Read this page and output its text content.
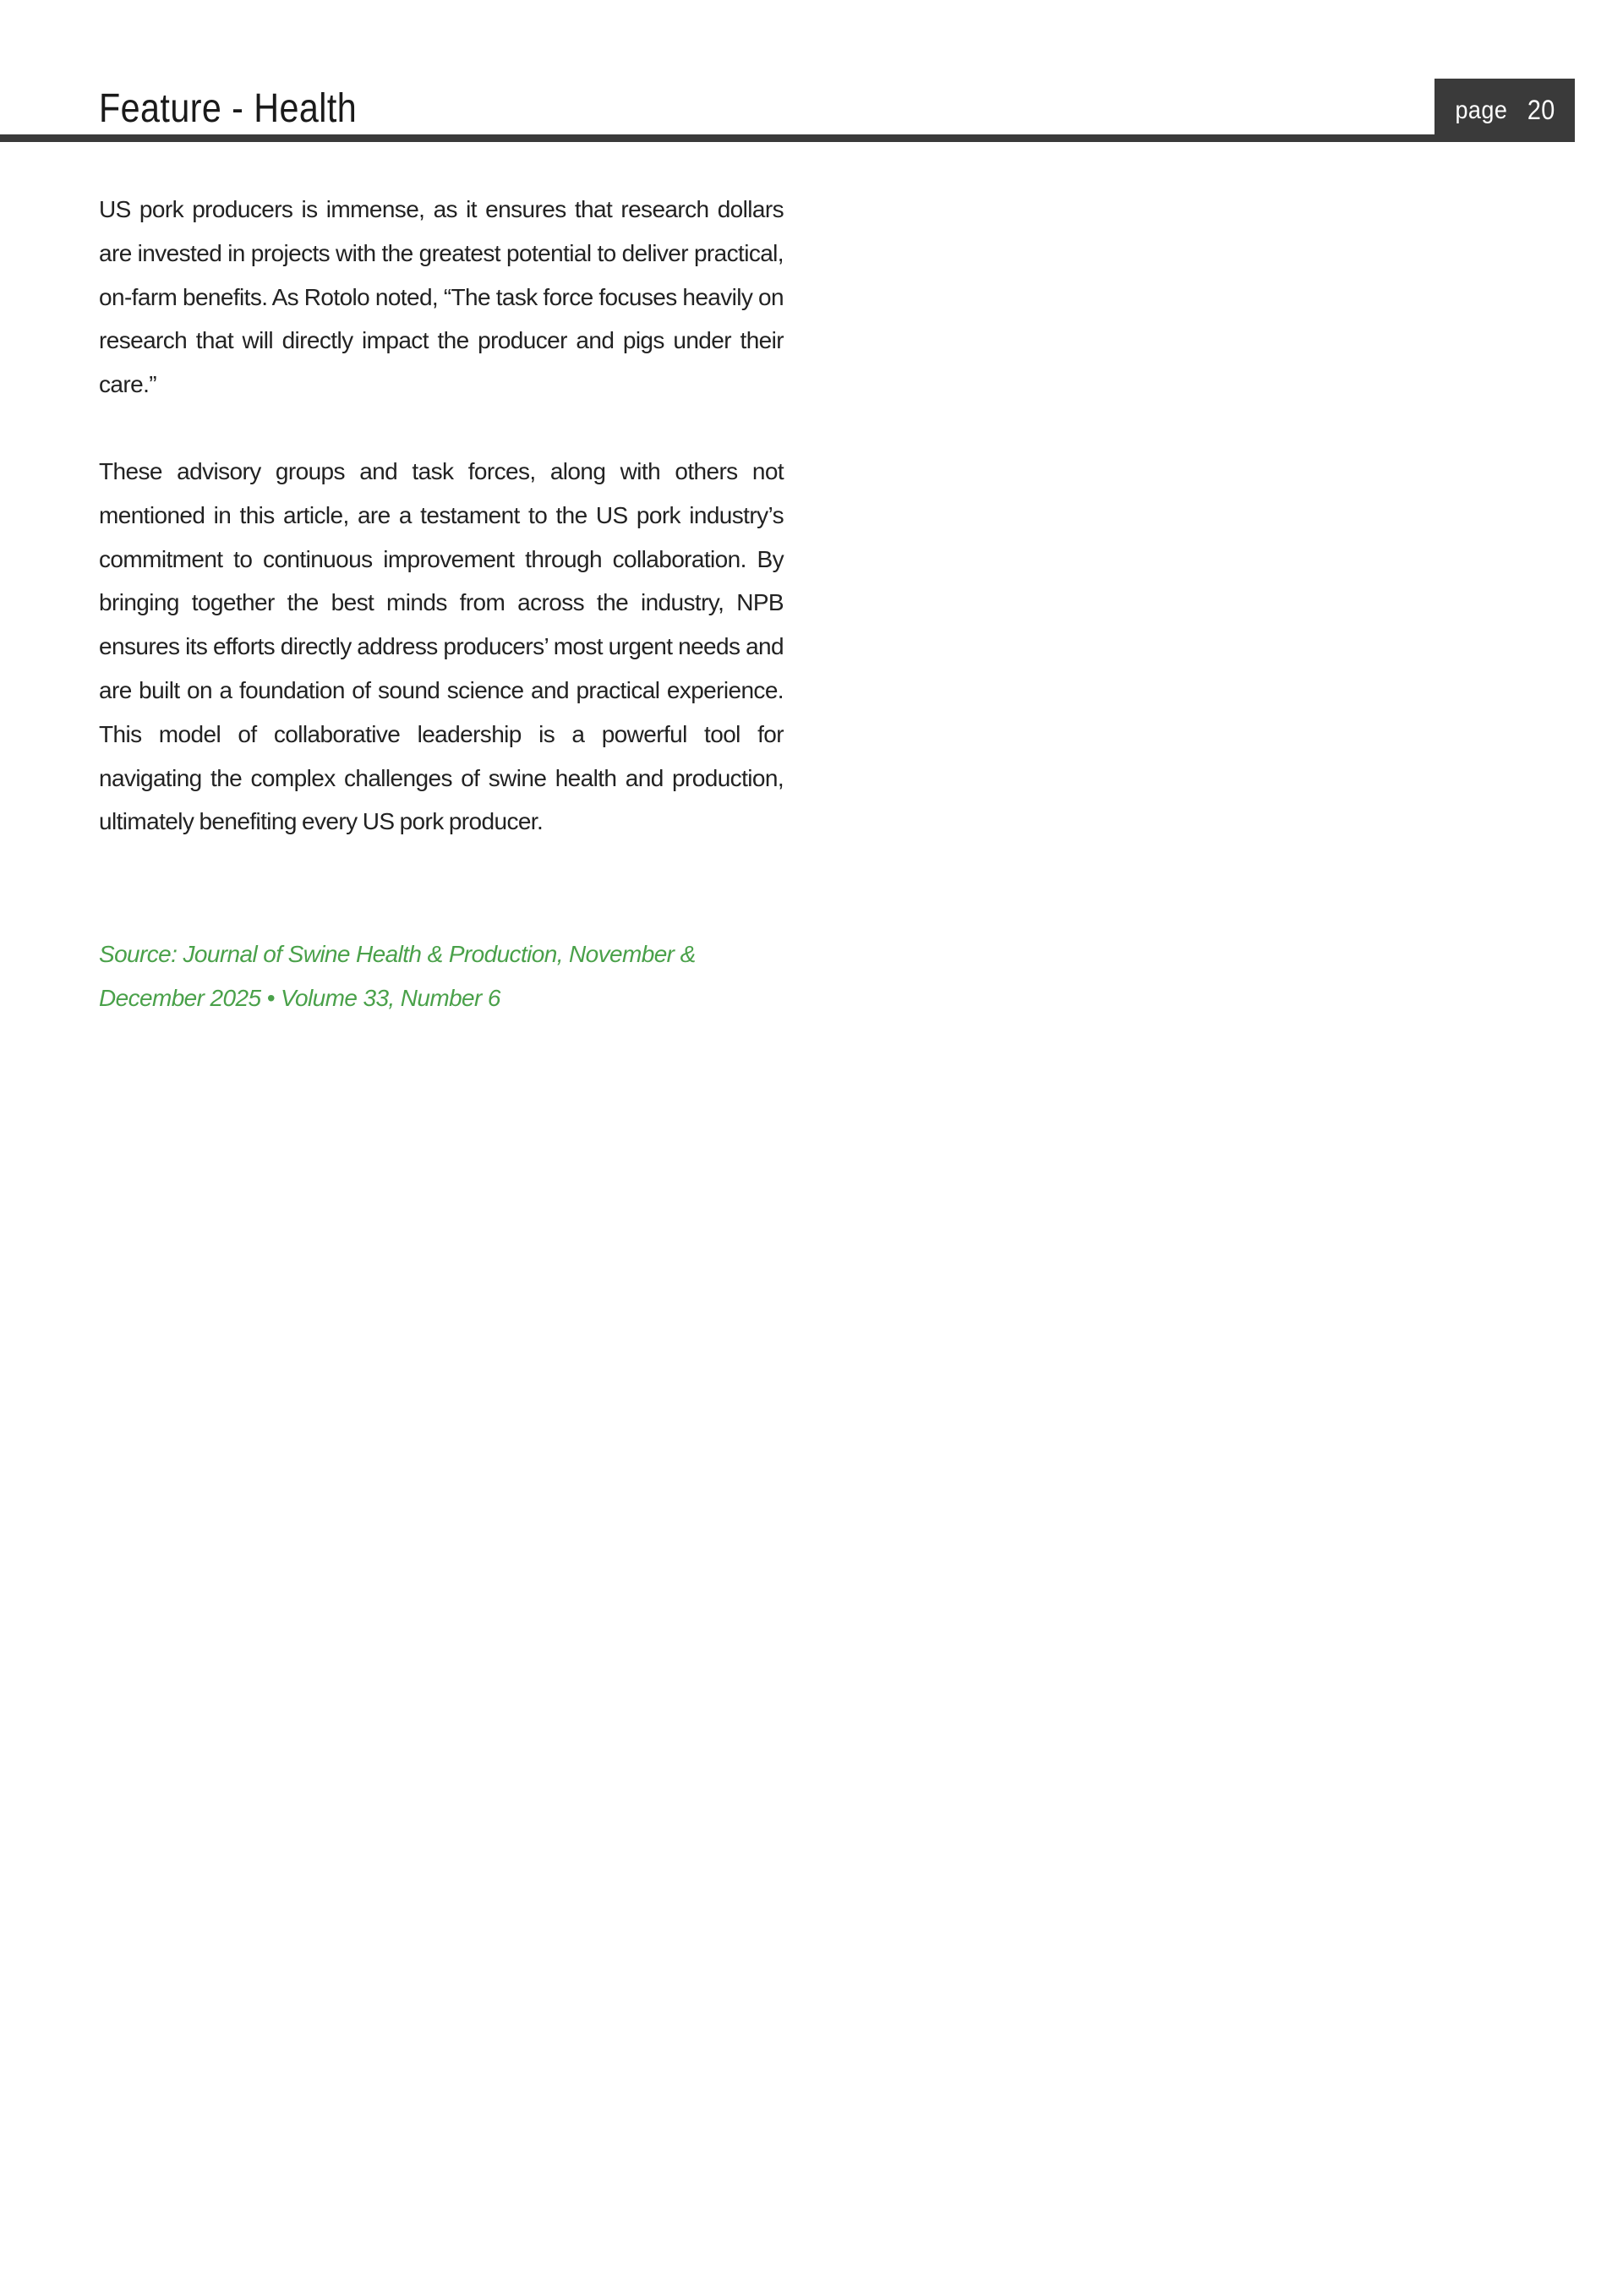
Feature - Health	page 20

US pork producers is immense, as it ensures that research dollars are invested in projects with the greatest potential to deliver practical, on-farm benefits. As Rotolo noted, “The task force focuses heavily on research that will directly impact the producer and pigs under their care.”

These advisory groups and task forces, along with others not mentioned in this article, are a testament to the US pork industry’s commitment to continuous improvement through collaboration. By bringing together the best minds from across the industry, NPB ensures its efforts directly address producers’ most urgent needs and are built on a foundation of sound science and practical experience. This model of collaborative leadership is a powerful tool for navigating the complex challenges of swine health and production, ultimately benefiting every US pork producer.

Source: Journal of Swine Health & Production, November & December 2025 • Volume 33, Number 6
